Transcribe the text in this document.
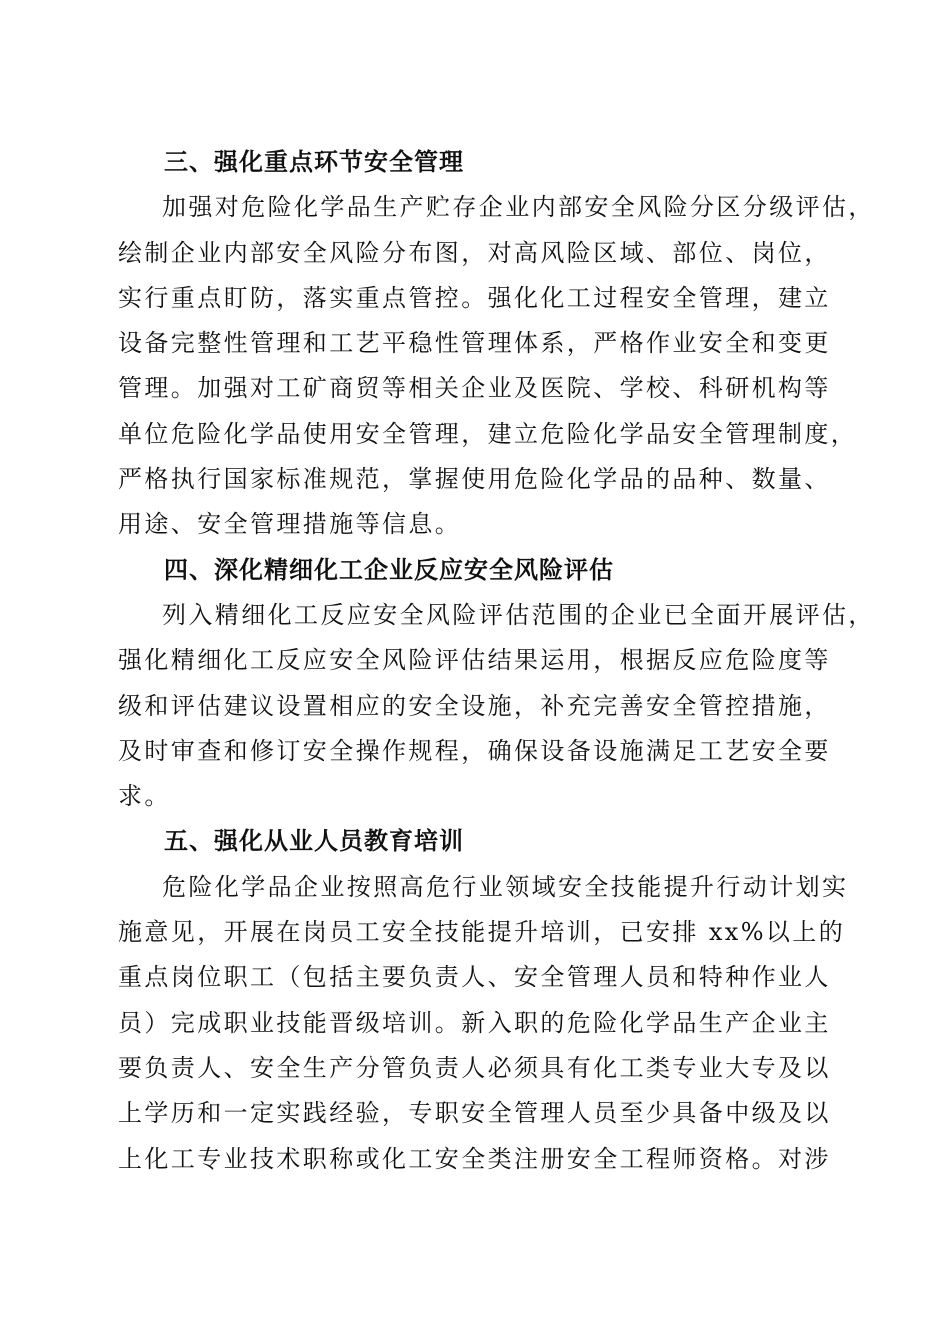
三、强化重点环节安全管理
加强对危险化学品生产贮存企业内部安全风险分区分级评估，
绘制企业内部安全风险分布图，对高风险区域、部位、岗位，
实行重点盯防，落实重点管控。强化化工过程安全管理，建立
设备完整性管理和工艺平稳性管理体系，严格作业安全和变更
管理。加强对工矿商贸等相关企业及医院、学校、科研机构等
单位危险化学品使用安全管理，建立危险化学品安全管理制度，
严格执行国家标准规范，掌握使用危险化学品的品种、数量、
用途、安全管理措施等信息。
四、深化精细化工企业反应安全风险评估
列入精细化工反应安全风险评估范围的企业已全面开展评估，
强化精细化工反应安全风险评估结果运用，根据反应危险度等
级和评估建议设置相应的安全设施，补充完善安全管控措施，
及时审查和修订安全操作规程，确保设备设施满足工艺安全要
求。
五、强化从业人员教育培训
危险化学品企业按照高危行业领域安全技能提升行动计划实
施意见，开展在岗员工安全技能提升培训，已安排 xx%以上的
重点岗位职工（包括主要负责人、安全管理人员和特种作业人
员）完成职业技能晋级培训。新入职的危险化学品生产企业主
要负责人、安全生产分管负责人必须具有化工类专业大专及以
上学历和一定实践经验，专职安全管理人员至少具备中级及以
上化工专业技术职称或化工安全类注册安全工程师资格。对涉
